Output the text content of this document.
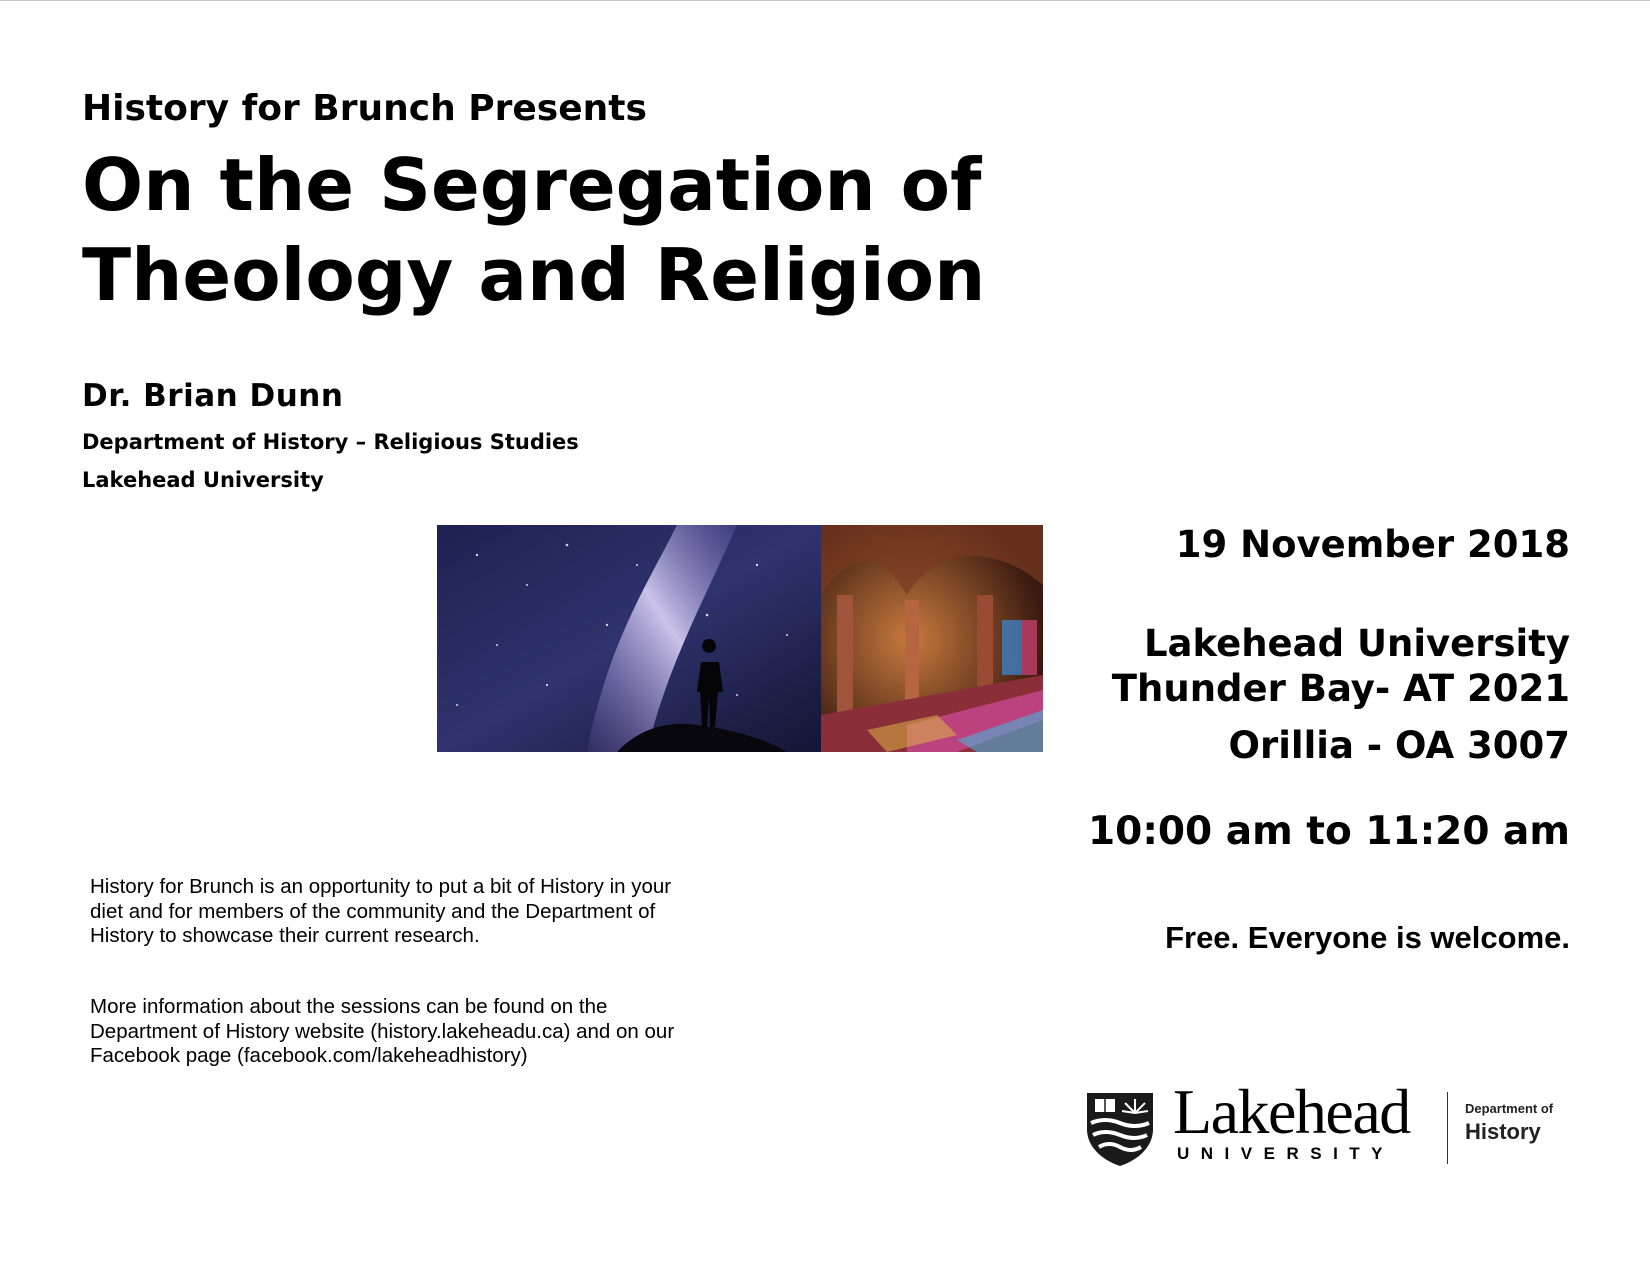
History for Brunch Presents
On the Segregation of Theology and Religion
Dr. Brian Dunn
Department of History – Religious Studies
Lakehead University
19 November 2018
Lakehead University
Thunder Bay- AT 2021
Orillia - OA 3007
10:00 am to 11:20 am
Free. Everyone is welcome.
History for Brunch is an opportunity to put a bit of History in your diet and for members of the community and the Department of History to showcase their current research.
More information about the sessions can be found on the Department of History website (history.lakeheadu.ca) and on our Facebook page (facebook.com/lakeheadhistory)
Lakehead
UNIVERSITY
Department of
History
